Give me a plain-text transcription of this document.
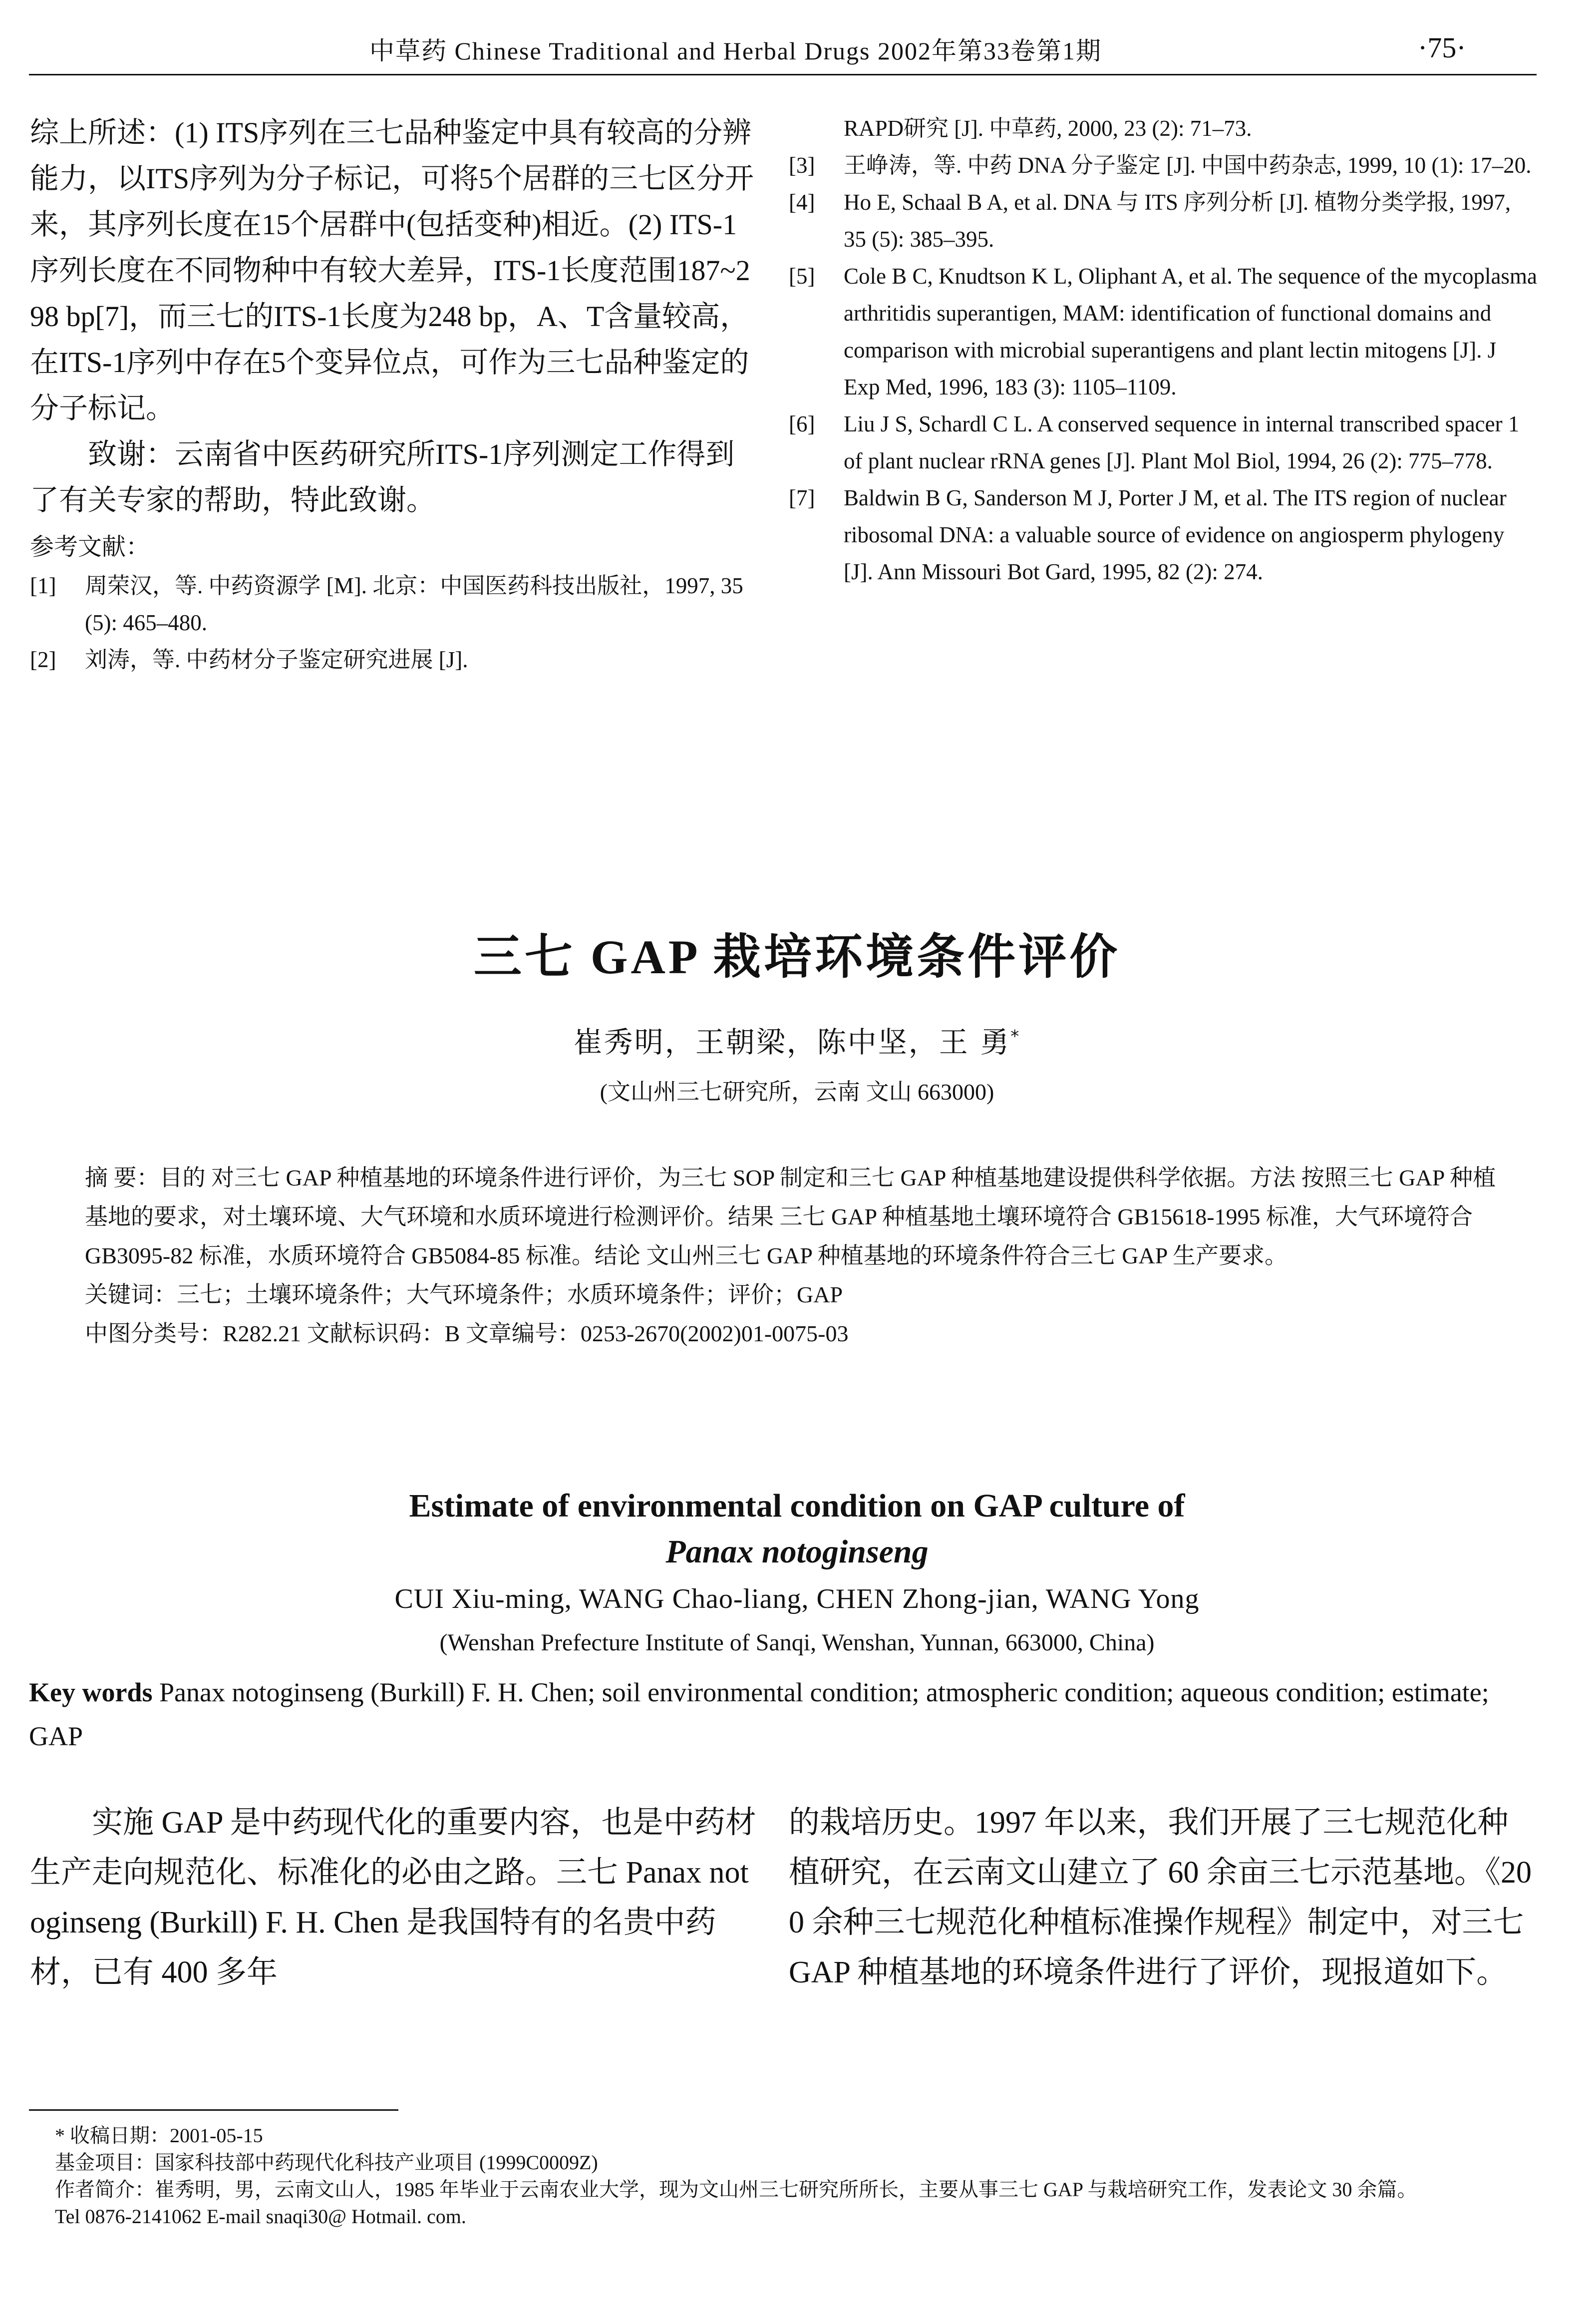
中草药 Chinese Traditional and Herbal Drugs 2002年第33卷第1期	·75·

综上所述：(1) ITS序列在三七品种鉴定中具有较高的分辨能力，以ITS序列为分子标记，可将5个居群的三七区分开来，其序列长度在15个居群中(包括变种)相近。(2) ITS-1序列长度在不同物种中有较大差异，ITS-1长度范围187~298 bp[7]，而三七的ITS-1长度为248 bp，A、T含量较高，在ITS-1序列中存在5个变异位点，可作为三七品种鉴定的分子标记。

致谢：云南省中医药研究所ITS-1序列测定工作得到了有关专家的帮助，特此致谢。

参考文献：
[1]	周荣汉，等. 中药资源学 [M]. 北京：中国医药科技出版社，1997, 35 (5): 465–480.
[2]	刘涛，等. 中药材分子鉴定研究进展 [J].
RAPD研究 [J]. 中草药, 2000, 23 (2): 71–73.
[3]	王峥涛，等. 中药 DNA 分子鉴定 [J]. 中国中药杂志, 1999, 10 (1): 17–20.
[4]	Ho E, Schaal B A, et al. DNA 与 ITS 序列分析 [J]. 植物分类学报, 1997, 35 (5): 385–395.
[5]	Cole B C, Knudtson K L, Oliphant A, et al. The sequence of the mycoplasma arthritidis superantigen, MAM: identification of functional domains and comparison with microbial superantigens and plant lectin mitogens [J]. J Exp Med, 1996, 183 (3): 1105–1109.
[6]	Liu J S, Schardl C L. A conserved sequence in internal transcribed spacer 1 of plant nuclear rRNA genes [J]. Plant Mol Biol, 1994, 26 (2): 775–778.
[7]	Baldwin B G, Sanderson M J, Porter J M, et al. The ITS region of nuclear ribosomal DNA: a valuable source of evidence on angiosperm phylogeny [J]. Ann Missouri Bot Gard, 1995, 82 (2): 274.
三七 GAP 栽培环境条件评价
崔秀明，王朝梁，陈中坚，王 勇*
(文山州三七研究所，云南 文山 663000)

摘 要：目的 对三七 GAP 种植基地的环境条件进行评价，为三七 SOP 制定和三七 GAP 种植基地建设提供科学依据。方法 按照三七 GAP 种植基地的要求，对土壤环境、大气环境和水质环境进行检测评价。结果 三七 GAP 种植基地土壤环境符合 GB15618-1995 标准，大气环境符合 GB3095-82 标准，水质环境符合 GB5084-85 标准。结论 文山州三七 GAP 种植基地的环境条件符合三七 GAP 生产要求。

关键词：三七；土壤环境条件；大气环境条件；水质环境条件；评价；GAP

中图分类号：R282.21 文献标识码：B 文章编号：0253-2670(2002)01-0075-03

Estimate of environmental condition on GAP culture of
Panax notoginseng
CUI Xiu-ming, WANG Chao-liang, CHEN Zhong-jian, WANG Yong
(Wenshan Prefecture Institute of Sanqi, Wenshan, Yunnan, 663000, China)
Key words Panax notoginseng (Burkill) F. H. Chen; soil environmental condition; atmospheric condition; aqueous condition; estimate; GAP
实施 GAP 是中药现代化的重要内容，也是中药材生产走向规范化、标准化的必由之路。三七 Panax notoginseng (Burkill) F. H. Chen 是我国特有的名贵中药材，已有 400 多年
的栽培历史。1997 年以来，我们开展了三七规范化种植研究，在云南文山建立了 60 余亩三七示范基地。《200 余种三七规范化种植标准操作规程》制定中，对三七 GAP 种植基地的环境条件进行了评价，现报道如下。

* 收稿日期：2001-05-15

基金项目：国家科技部中药现代化科技产业项目 (1999C0009Z)

作者简介：崔秀明，男，云南文山人，1985 年毕业于云南农业大学，现为文山州三七研究所所长，主要从事三七 GAP 与栽培研究工作，发表论文 30 余篇。

Tel 0876-2141062 E-mail snaqi30@ Hotmail. com.
